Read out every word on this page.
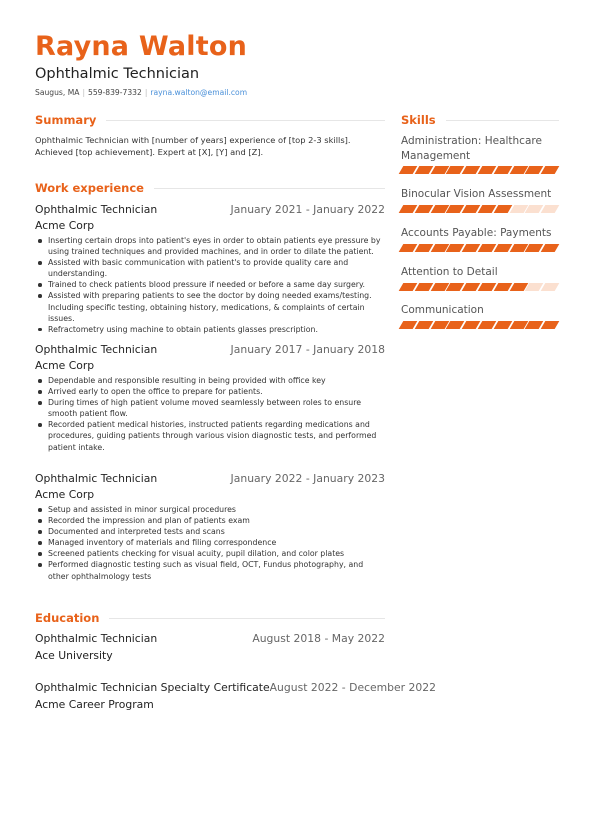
Rayna Walton
Ophthalmic Technician
Saugus, MA | 559-839-7332 | rayna.walton@email.com
Summary
Ophthalmic Technician with [number of years] experience of [top 2-3 skills]. Achieved [top achievement]. Expert at [X], [Y] and [Z].
Work experience
Ophthalmic Technician	January 2021 - January 2022
Acme Corp
Inserting certain drops into patient's eyes in order to obtain patients eye pressure by using trained techniques and provided machines, and in order to dilate the patient.
Assisted with basic communication with patient's to provide quality care and understanding.
Trained to check patients blood pressure if needed or before a same day surgery.
Assisted with preparing patients to see the doctor by doing needed exams/testing. Including specific testing, obtaining history, medications, & complaints of certain issues.
Refractometry using machine to obtain patients glasses prescription.
Ophthalmic Technician	January 2017 - January 2018
Acme Corp
Dependable and responsible resulting in being provided with office key
Arrived early to open the office to prepare for patients.
During times of high patient volume moved seamlessly between roles to ensure smooth patient flow.
Recorded patient medical histories, instructed patients regarding medications and procedures, guiding patients through various vision diagnostic tests, and performed patient intake.
Ophthalmic Technician	January 2022 - January 2023
Acme Corp
Setup and assisted in minor surgical procedures
Recorded the impression and plan of patients exam
Documented and interpreted tests and scans
Managed inventory of materials and filing correspondence
Screened patients checking for visual acuity, pupil dilation, and color plates
Performed diagnostic testing such as visual field, OCT, Fundus photography, and other ophthalmology tests
Education
Ophthalmic Technician	August 2018 - May 2022
Ace University
Ophthalmic Technician Specialty Certificate August 2022 - December 2022
Acme Career Program
Skills
Administration: Healthcare Management
Binocular Vision Assessment
Accounts Payable: Payments
Attention to Detail
Communication
